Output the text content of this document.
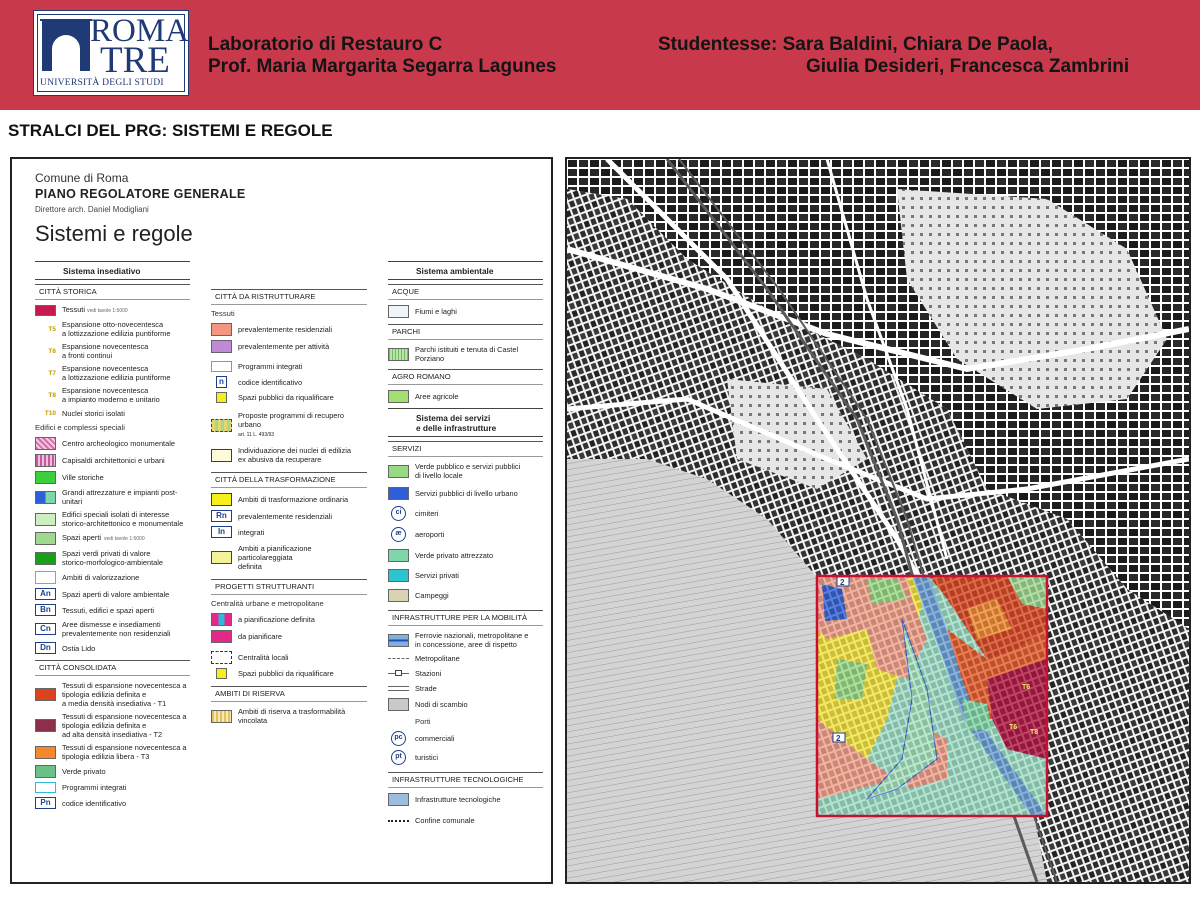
ROMA
TRE
UNIVERSITÀ DEGLI STUDI
Laboratorio di Restauro C
Prof. Maria Margarita Segarra Lagunes
Studentesse: Sara Baldini, Chiara De Paola,
Giulia Desideri, Francesca Zambrini
STRALCI DEL PRG: SISTEMI E REGOLE
Comune di Roma
PIANO REGOLATORE GENERALE
Direttore arch. Daniel Modigliani
Sistemi e regole
Sistema insediativo
CITTÀ STORICA
Tessuti vedi tavole 1:5000
T5 Espansione otto-novecentesca
a lottizzazione edilizia puntiforme
T6 Espansione novecentesca
a fronti continui
T7 Espansione novecentesca
a lottizzazione edilizia puntiforme
T8 Espansione novecentesca
a impianto moderno e unitario
T10 Nuclei storici isolati
Edifici e complessi speciali
Centro archeologico monumentale
Capisaldi architettonici e urbani
Ville storiche
Grandi attrezzature e impianti post-unitari
Edifici speciali isolati di interesse
storico-architettonico e monumentale
Spazi aperti vedi tavole 1:5000
Spazi verdi privati di valore
storico-morfologico-ambientale
Ambiti di valorizzazione
An	Spazi aperti di valore ambientale
Bn	Tessuti, edifici e spazi aperti
Cn	Aree dismesse e insediamenti
prevalentemente non residenziali
Dn	Ostia Lido
CITTÀ CONSOLIDATA
Tessuti di espansione novecentesca a
tipologia edilizia definita e
a media densità insediativa - T1
Tessuti di espansione novecentesca a
tipologia edilizia definita e
ad alta densità insediativa - T2
Tessuti di espansione novecentesca a
tipologia edilizia libera - T3
Verde privato
Programmi integrati
Pn	codice identificativo
CITTÀ DA RISTRUTTURARE
Tessuti
prevalentemente residenziali
prevalentemente per attività
Programmi integrati
n	codice identificativo
Spazi pubblici da riqualificare
Proposte programmi di recupero urbano
art. 11 L. 493/93
Individuazione dei nuclei di edilizia
ex abusiva da recuperare
CITTÀ DELLA TRASFORMAZIONE
Ambiti di trasformazione ordinaria
Rn	prevalentemente residenziali
In	integrati
Ambiti a pianificazione particolareggiata
definita
PROGETTI STRUTTURANTI
Centralità urbane e metropolitane
a pianificazione definita
da pianificare
Centralità locali
Spazi pubblici da riqualificare
AMBITI DI RISERVA
Ambiti di riserva a trasformabilità
vincolata
Sistema ambientale
ACQUE
Fiumi e laghi
PARCHI
Parchi istituiti e tenuta di Castel Porziano
AGRO ROMANO
Aree agricole
Sistema dei servizi
e delle infrastrutture
SERVIZI
Verde pubblico e servizi pubblici
di livello locale
Servizi pubblici di livello urbano
ci	cimiteri
æ	aeroporti
Verde privato attrezzato
Servizi privati
Campeggi
INFRASTRUTTURE PER LA MOBILITÀ
Ferrovie nazionali, metropolitane e
in concessione, aree di rispetto
Metropolitane
Stazioni
Strade
Nodi di scambio
Porti
pc	commerciali
pt	turistici
INFRASTRUTTURE TECNOLOGICHE
Infrastrutture tecnologiche
Confine comunale
2
2
T6
T6
T8
